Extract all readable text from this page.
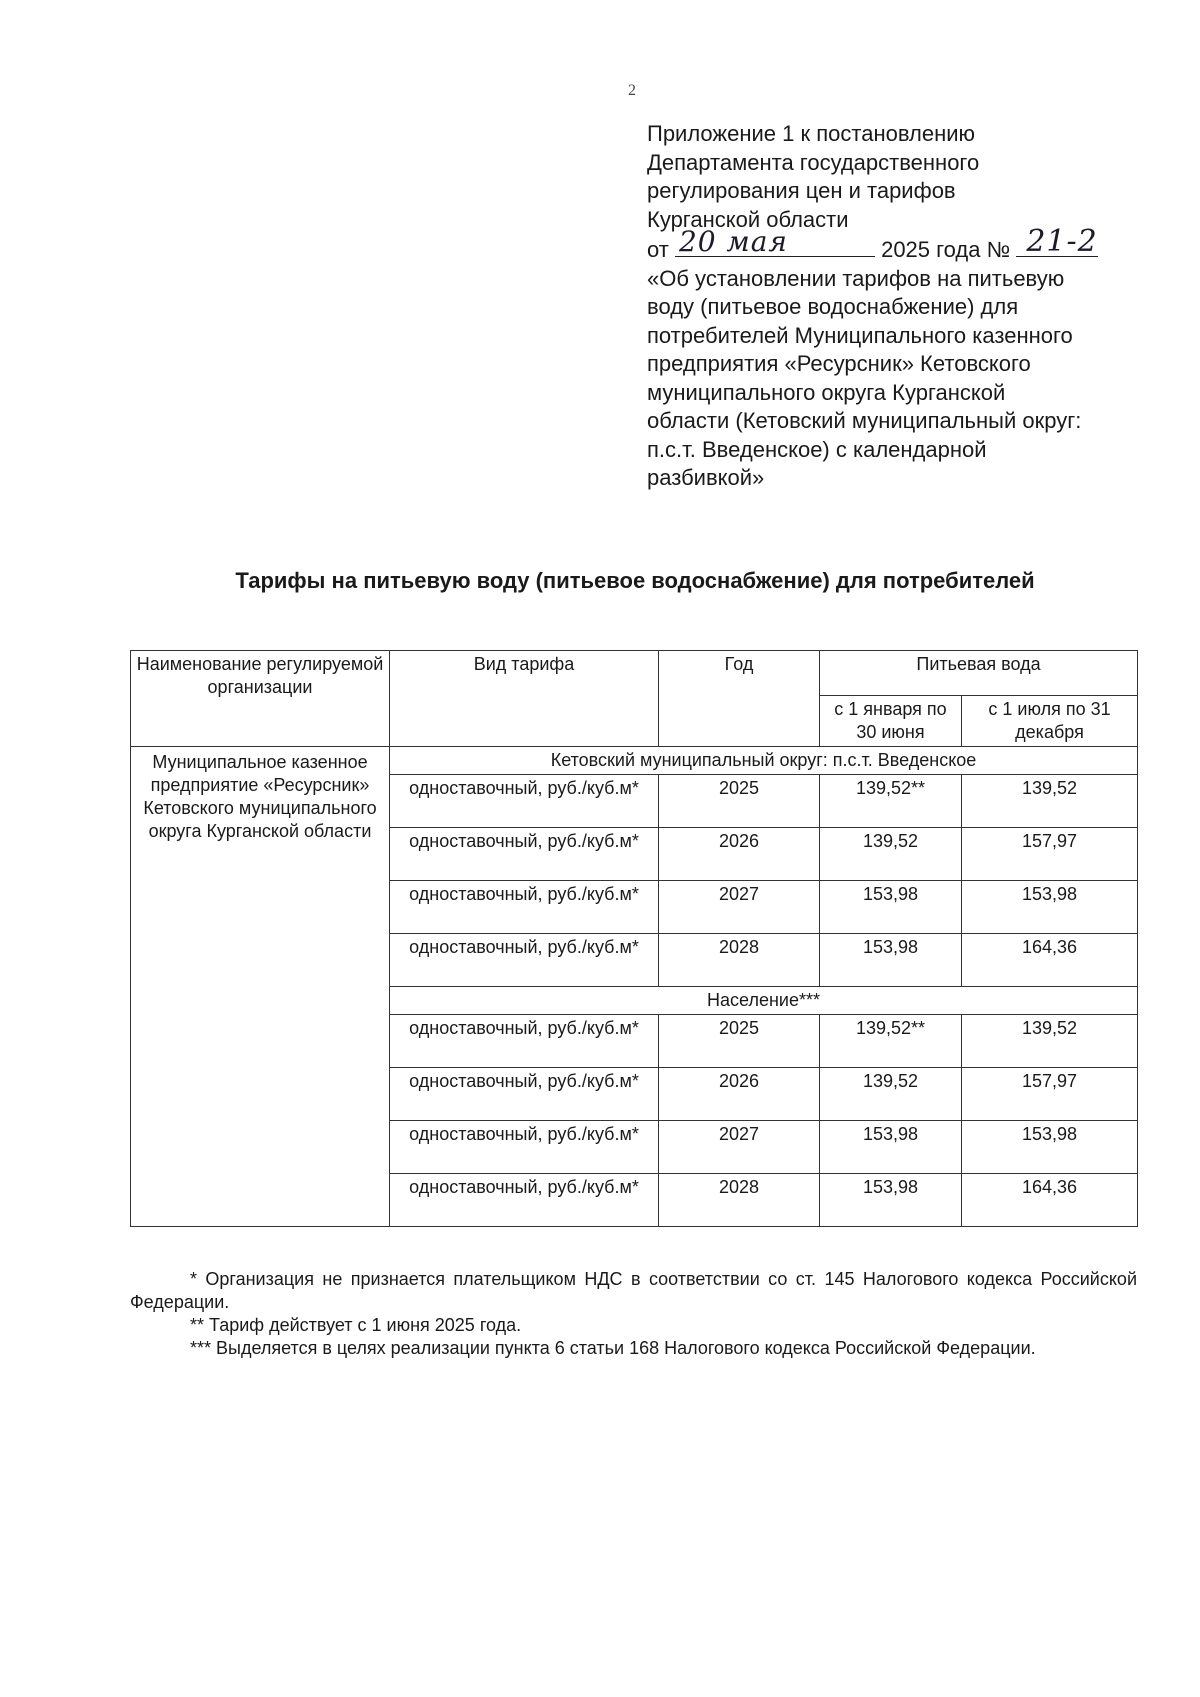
2
Приложение 1 к постановлению
Департамента государственного
регулирования цен и тарифов
Курганской области
от 20 мая	2025 года № 21-2
«Об установлении тарифов на питьевую
воду (питьевое водоснабжение) для
потребителей Муниципального казенного
предприятия «Ресурсник» Кетовского
муниципального округа Курганской
области (Кетовский муниципальный округ:
п.с.т. Введенское) с календарной
разбивкой»
Тарифы на питьевую воду (питьевое водоснабжение) для потребителей
Наименование регулируемой организации	Вид тарифа	Год	Питьевая вода	
			с 1 января по 30 июня	с 1 июля по 31 декабря
Муниципальное казенное предприятие «Ресурсник» Кетовского муниципального округа Курганской области	Кетовский муниципальный округ: п.с.т. Введенское			
	одноставочный, руб./куб.м*	2025	139,52**	139,52
	одноставочный, руб./куб.м*	2026	139,52	157,97
	одноставочный, руб./куб.м*	2027	153,98	153,98
	одноставочный, руб./куб.м*	2028	153,98	164,36
	Население***			
	одноставочный, руб./куб.м*	2025	139,52**	139,52
	одноставочный, руб./куб.м*	2026	139,52	157,97
	одноставочный, руб./куб.м*	2027	153,98	153,98
	одноставочный, руб./куб.м*	2028	153,98	164,36

* Организация не признается плательщиком НДС в соответствии со ст. 145 Налогового кодекса Российской Федерации.

** Тариф действует с 1 июня 2025 года.

*** Выделяется в целях реализации пункта 6 статьи 168 Налогового кодекса Российской Федерации.
